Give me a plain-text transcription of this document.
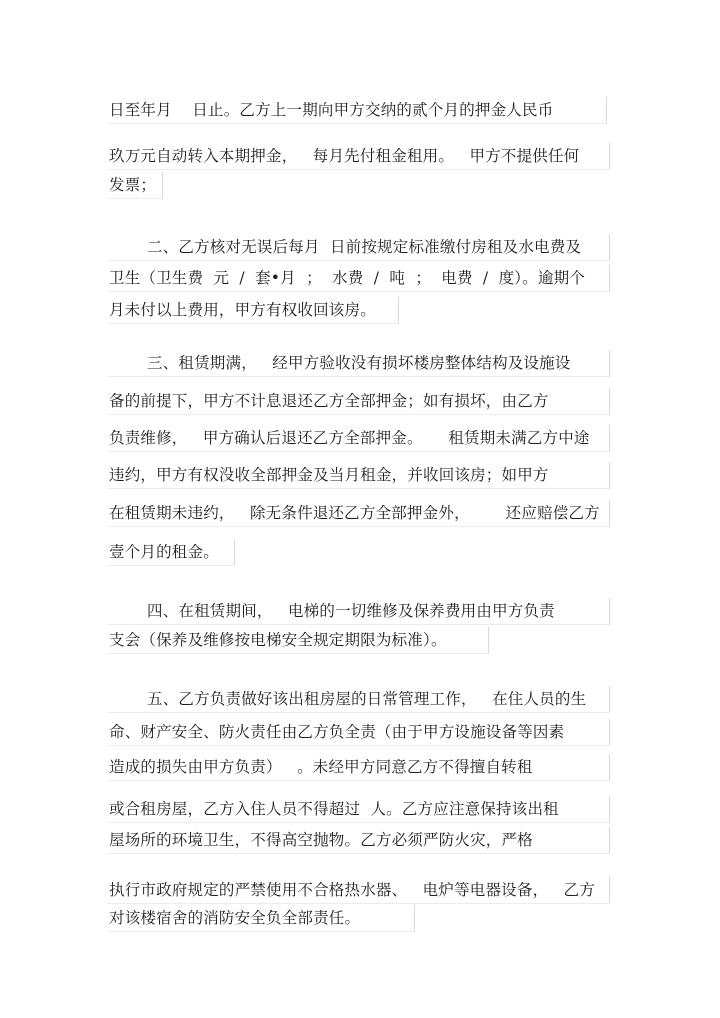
日至年月    日止。乙方上一期向甲方交纳的贰个月的押金人民币
玖万元自动转入本期押金，   每月先付租金租用。   甲方不提供任何
发票；
二、乙方核对无误后每月  日前按规定标准缴付房租及水电费及
卫生（卫生费  元  /  套•月  ；  水费  /  吨  ；  电费  /  度）。逾期个
月未付以上费用，甲方有权收回该房。
三、租赁期满，   经甲方验收没有损坏楼房整体结构及设施设
备的前提下，甲方不计息退还乙方全部押金；如有损坏，由乙方
负责维修，   甲方确认后退还乙方全部押金。     租赁期未满乙方中途
违约，甲方有权没收全部押金及当月租金，并收回该房；如甲方
在租赁期未违约，   除无条件退还乙方全部押金外，       还应赔偿乙方
壹个月的租金。
四、在租赁期间，   电梯的一切维修及保养费用由甲方负责
支会（保养及维修按电梯安全规定期限为标准）。
五、乙方负责做好该出租房屋的日常管理工作，   在住人员的生
命、财产安全、防火责任由乙方负全责（由于甲方设施设备等因素
造成的损失由甲方负责）   。未经甲方同意乙方不得擅自转租
或合租房屋，乙方入住人员不得超过  人。乙方应注意保持该出租
屋场所的环境卫生，不得高空抛物。乙方必须严防火灾，严格
执行市政府规定的严禁使用不合格热水器、   电炉等电器设备，   乙方
对该楼宿舍的消防安全负全部责任。
